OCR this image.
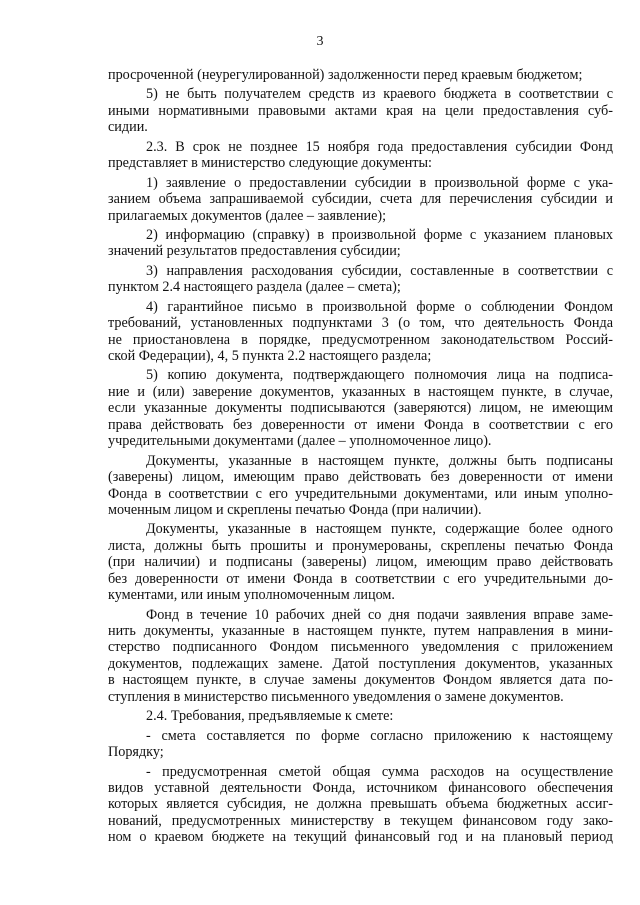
3
просроченной (неурегулированной) задолженности перед краевым бюджетом;
5) не быть получателем средств из краевого бюджета в соответствии с
иными нормативными правовыми актами края на цели предоставления суб-
сидии.
2.3. В срок не позднее 15 ноября года предоставления субсидии Фонд
представляет в министерство следующие документы:
1) заявление о предоставлении субсидии в произвольной форме с ука-
занием объема запрашиваемой субсидии, счета для перечисления субсидии и
прилагаемых документов (далее – заявление);
2) информацию (справку) в произвольной форме с указанием плановых
значений результатов предоставления субсидии;
3) направления расходования субсидии, составленные в соответствии с
пунктом 2.4 настоящего раздела (далее – смета);
4) гарантийное письмо в произвольной форме о соблюдении Фондом
требований, установленных подпунктами 3 (о том, что деятельность Фонда
не приостановлена в порядке, предусмотренном законодательством Россий-
ской Федерации), 4, 5 пункта 2.2 настоящего раздела;
5) копию документа, подтверждающего полномочия лица на подписа-
ние и (или) заверение документов, указанных в настоящем пункте, в случае,
если указанные документы подписываются (заверяются) лицом, не имеющим
права действовать без доверенности от имени Фонда в соответствии с его
учредительными документами (далее – уполномоченное лицо).
Документы, указанные в настоящем пункте, должны быть подписаны
(заверены) лицом, имеющим право действовать без доверенности от имени
Фонда в соответствии с его учредительными документами, или иным уполно-
моченным лицом и скреплены печатью Фонда (при наличии).
Документы, указанные в настоящем пункте, содержащие более одного
листа, должны быть прошиты и пронумерованы, скреплены печатью Фонда
(при наличии) и подписаны (заверены) лицом, имеющим право действовать
без доверенности от имени Фонда в соответствии с его учредительными до-
кументами, или иным уполномоченным лицом.
Фонд в течение 10 рабочих дней со дня подачи заявления вправе заме-
нить документы, указанные в настоящем пункте, путем направления в мини-
стерство подписанного Фондом письменного уведомления с приложением
документов, подлежащих замене. Датой поступления документов, указанных
в настоящем пункте, в случае замены документов Фондом является дата по-
ступления в министерство письменного уведомления о замене документов.
2.4. Требования, предъявляемые к смете:
- смета составляется по форме согласно приложению к настоящему
Порядку;
- предусмотренная сметой общая сумма расходов на осуществление
видов уставной деятельности Фонда, источником финансового обеспечения
которых является субсидия, не должна превышать объема бюджетных ассиг-
нований, предусмотренных министерству в текущем финансовом году зако-
ном о краевом бюджете на текущий финансовый год и на плановый период
